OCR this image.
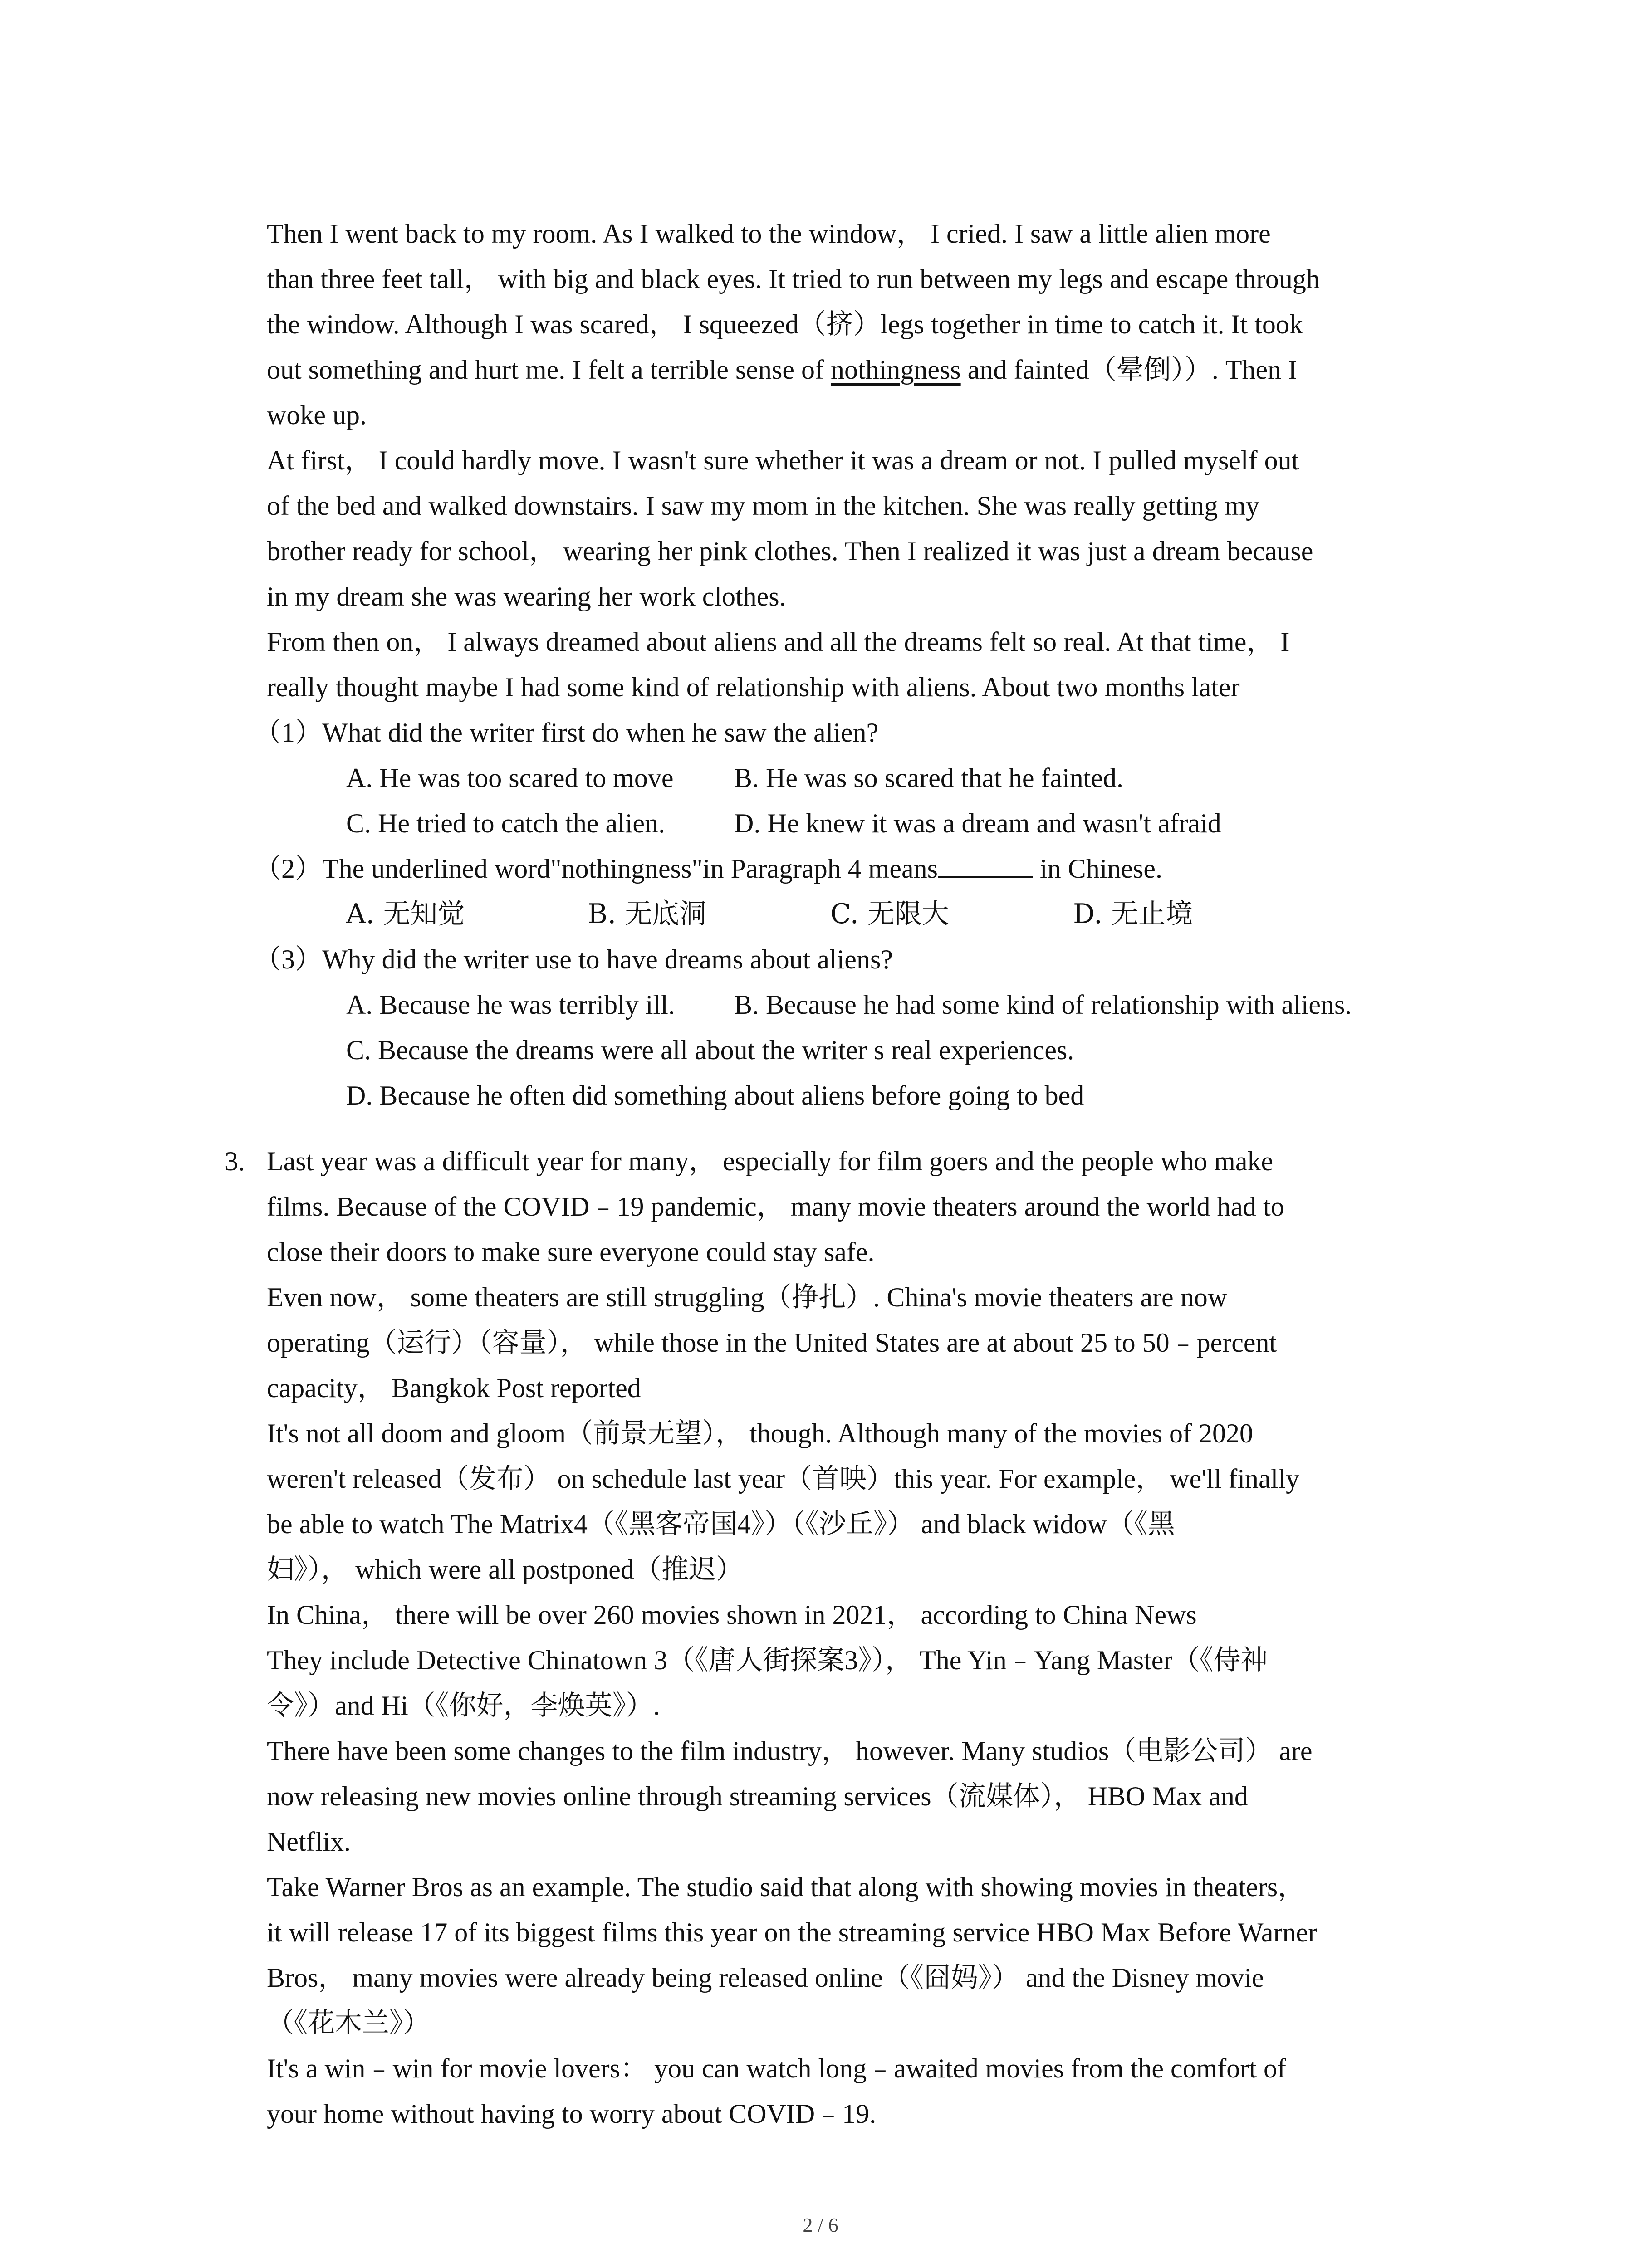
Then I went back to my room. As I walked to the window， I cried. I saw a little alien more
than three feet tall， with big and black eyes. It tried to run between my legs and escape through
the window. Although I was scared， I squeezed（挤）legs together in time to catch it. It took
out something and hurt me. I felt a terrible sense of nothingness and fainted（晕倒））. Then I
woke up.
At first， I could hardly move. I wasn't sure whether it was a dream or not. I pulled myself out
of the bed and walked downstairs. I saw my mom in the kitchen. She was really getting my
brother ready for school， wearing her pink clothes. Then I realized it was just a dream because
in my dream she was wearing her work clothes.
From then on， I always dreamed about aliens and all the dreams felt so real. At that time， I
really thought maybe I had some kind of relationship with aliens. About two months later
（1）What did the writer first do when he saw the alien?
A. He was too scared to move B. He was so scared that he fainted.
C. He tried to catch the alien.	D. He knew it was a dream and wasn't afraid
（2）The underlined word"nothingness"in Paragraph 4 means	in Chinese.
A. 无知觉	B. 无底洞	C. 无限大	D. 无止境
（3）Why did the writer use to have dreams about aliens?
A. Because he was terribly ill. B. Because he had some kind of relationship with aliens.
C. Because the dreams were all about the writer s real experiences.
D. Because he often did something about aliens before going to bed
3. Last year was a difficult year for many， especially for film goers and the people who make
films. Because of the COVID﹣19 pandemic， many movie theaters around the world had to
close their doors to make sure everyone could stay safe.
Even now， some theaters are still struggling（挣扎）. China's movie theaters are now
operating（运行）（容量）， while those in the United States are at about 25 to 50﹣percent
capacity， Bangkok Post reported
It's not all doom and gloom（前景无望）， though. Although many of the movies of 2020
weren't released（发布） on schedule last year（首映）this year. For example， we'll finally
be able to watch The Matrix4（《黑客帝国4》）（《沙丘》） and black widow（《黑
妇》）， which were all postponed（推迟）
In China， there will be over 260 movies shown in 2021， according to China News
They include Detective Chinatown 3（《唐人街探案3》）， The Yin﹣Yang Master（《侍神
令》）and Hi（《你好，李焕英》）.
There have been some changes to the film industry， however. Many studios（电影公司） are
now releasing new movies online through streaming services（流媒体）， HBO Max and
Netflix.
Take Warner Bros as an example. The studio said that along with showing movies in theaters，
it will release 17 of its biggest films this year on the streaming service HBO Max Before Warner
Bros， many movies were already being released online（《囧妈》） and the Disney movie
（《花木兰》）
It's a win﹣win for movie lovers： you can watch long﹣awaited movies from the comfort of
your home without having to worry about COVID﹣19.
2 / 6
